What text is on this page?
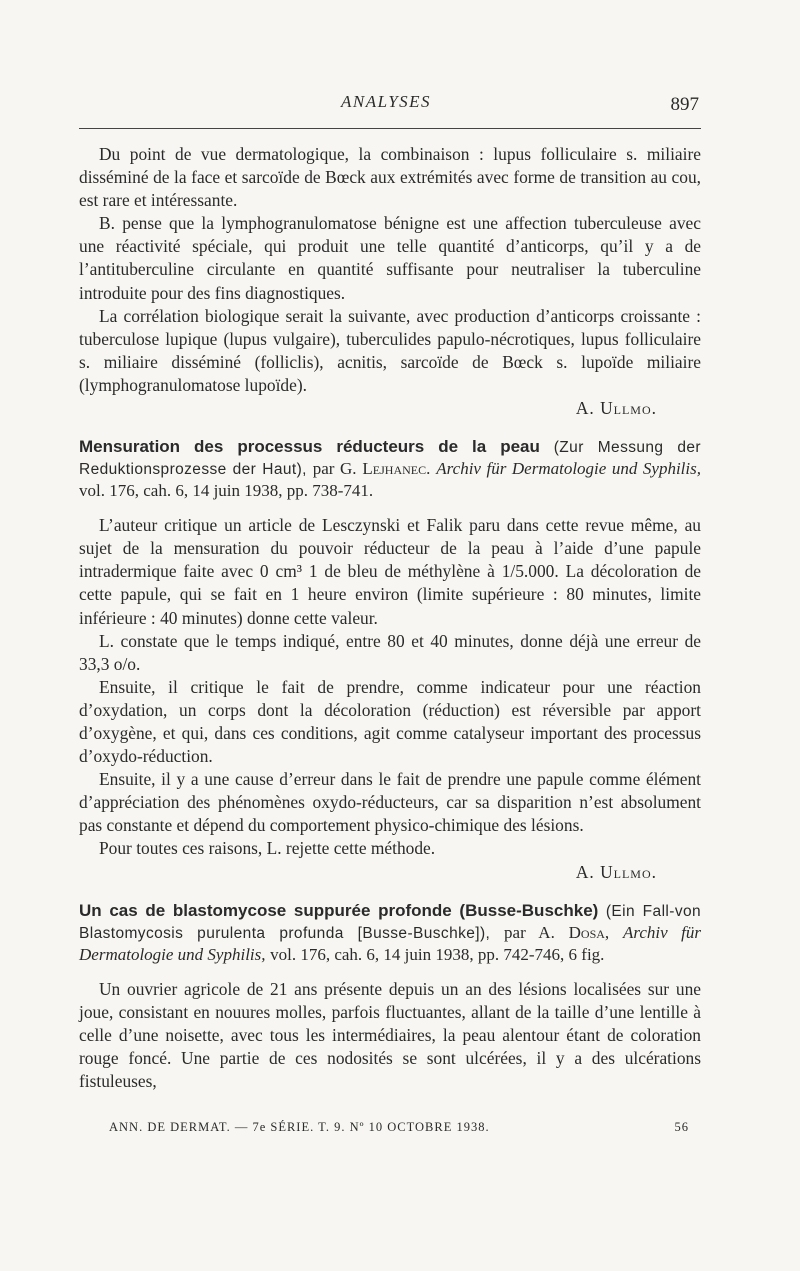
ANALYSES	897

Du point de vue dermatologique, la combinaison : lupus folliculaire s. miliaire disséminé de la face et sarcoïde de Bœck aux extrémités avec forme de transition au cou, est rare et intéressante.

B. pense que la lymphogranulomatose bénigne est une affection tuberculeuse avec une réactivité spéciale, qui produit une telle quantité d’anticorps, qu’il y a de l’antituberculine circulante en quantité suffisante pour neutraliser la tuberculine introduite pour des fins diagnostiques.

La corrélation biologique serait la suivante, avec production d’anticorps croissante : tuberculose lupique (lupus vulgaire), tuberculides papulo-nécrotiques, lupus folliculaire s. miliaire disséminé (folliclis), acnitis, sarcoïde de Bœck s. lupoïde miliaire (lymphogranulomatose lupoïde).

A. Ullmo.

Mensuration des processus réducteurs de la peau (Zur Messung der Reduktionsprozesse der Haut), par G. Lejhanec. Archiv für Dermatologie und Syphilis, vol. 176, cah. 6, 14 juin 1938, pp. 738-741.

L’auteur critique un article de Lesczynski et Falik paru dans cette revue même, au sujet de la mensuration du pouvoir réducteur de la peau à l’aide d’une papule intradermique faite avec 0 cm³ 1 de bleu de méthylène à 1/5.000. La décoloration de cette papule, qui se fait en 1 heure environ (limite supérieure : 80 minutes, limite inférieure : 40 minutes) donne cette valeur.

L. constate que le temps indiqué, entre 80 et 40 minutes, donne déjà une erreur de 33,3 o/o.

Ensuite, il critique le fait de prendre, comme indicateur pour une réaction d’oxydation, un corps dont la décoloration (réduction) est réversible par apport d’oxygène, et qui, dans ces conditions, agit comme catalyseur important des processus d’oxydo-réduction.

Ensuite, il y a une cause d’erreur dans le fait de prendre une papule comme élément d’appréciation des phénomènes oxydo-réducteurs, car sa disparition n’est absolument pas constante et dépend du comportement physico-chimique des lésions.

Pour toutes ces raisons, L. rejette cette méthode.

A. Ullmo.

Un cas de blastomycose suppurée profonde (Busse-Buschke) (Ein Fall-von Blastomycosis purulenta profunda [Busse-Buschke]), par A. Dosa, Archiv für Dermatologie und Syphilis, vol. 176, cah. 6, 14 juin 1938, pp. 742-746, 6 fig.

Un ouvrier agricole de 21 ans présente depuis un an des lésions localisées sur une joue, consistant en nouures molles, parfois fluctuantes, allant de la taille d’une lentille à celle d’une noisette, avec tous les intermédiaires, la peau alentour étant de coloration rouge foncé. Une partie de ces nodosités se sont ulcérées, il y a des ulcérations fistuleuses,

ANN. DE DERMAT. — 7e SÉRIE. T. 9. Nº 10 OCTOBRE 1938.	56
